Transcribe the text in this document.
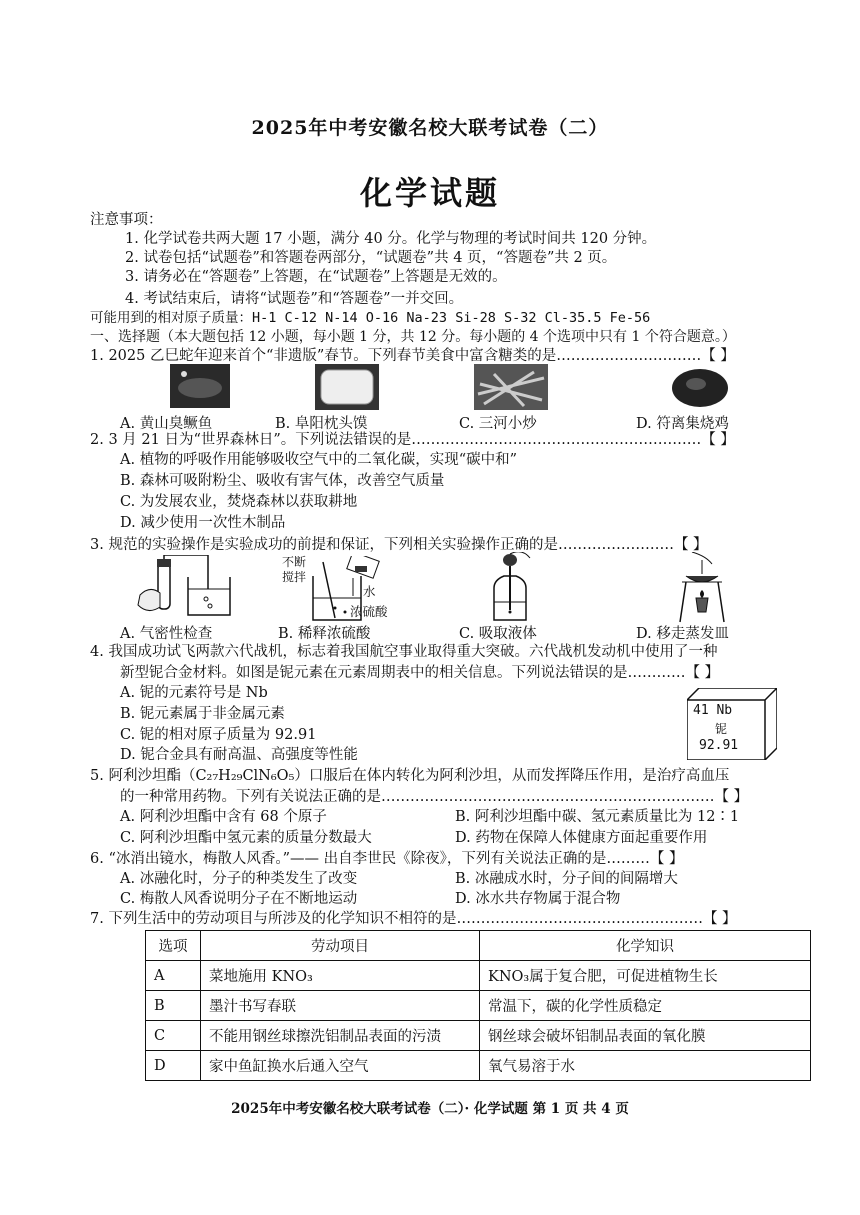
2025年中考安徽名校大联考试卷（二）
化学试题
注意事项：
1. 化学试卷共两大题 17 小题，满分 40 分。化学与物理的考试时间共 120 分钟。
2. 试卷包括“试题卷”和答题卷两部分，“试题卷”共 4 页，“答题卷”共 2 页。
3. 请务必在“答题卷”上答题，在“试题卷”上答题是无效的。
4. 考试结束后，请将“试题卷”和“答题卷”一并交回。
可能用到的相对原子质量：H-1 C-12 N-14 O-16 Na-23 Si-28 S-32 Cl-35.5 Fe-56
一、选择题（本大题包括 12 小题，每小题 1 分，共 12 分。每小题的 4 个选项中只有 1 个符合题意。）
1. 2025 乙巳蛇年迎来首个“非遗版”春节。下列春节美食中富含糖类的是…………………………【 】
A. 黄山臭鳜鱼	B. 阜阳枕头馍	C. 三河小炒	D. 符离集烧鸡
2. 3 月 21 日为“世界森林日”。下列说法错误的是……………………………………………………【 】
A. 植物的呼吸作用能够吸收空气中的二氧化碳，实现“碳中和”
B. 森林可吸附粉尘、吸收有害气体，改善空气质量
C. 为发展农业，焚烧森林以获取耕地
D. 减少使用一次性木制品
3. 规范的实验操作是实验成功的前提和保证，下列相关实验操作正确的是……………………【 】
不断
搅拌
水
浓硫酸
A. 气密性检查	B. 稀释浓硫酸	C. 吸取液体	D. 移走蒸发皿
4. 我国成功试飞两款六代战机，标志着我国航空事业取得重大突破。六代战机发动机中使用了一种
新型铌合金材料。如图是铌元素在元素周期表中的相关信息。下列说法错误的是…………【 】
A. 铌的元素符号是 Nb
B. 铌元素属于非金属元素
C. 铌的相对原子质量为 92.91
D. 铌合金具有耐高温、高强度等性能
41 Nb
铌
92.91
5. 阿利沙坦酯（C₂₇H₂₉ClN₆O₅）口服后在体内转化为阿利沙坦，从而发挥降压作用，是治疗高血压
的一种常用药物。下列有关说法正确的是……………………………………………………………【 】
A. 阿利沙坦酯中含有 68 个原子	B. 阿利沙坦酯中碳、氢元素质量比为 12∶1
C. 阿利沙坦酯中氢元素的质量分数最大	D. 药物在保障人体健康方面起重要作用
6. “冰消出镜水，梅散人风香。”—— 出自李世民《除夜》，下列有关说法正确的是………【 】
A. 冰融化时，分子的种类发生了改变	B. 冰融成水时，分子间的间隔增大
C. 梅散人风香说明分子在不断地运动	D. 冰水共存物属于混合物
7. 下列生活中的劳动项目与所涉及的化学知识不相符的是……………………………………………【 】
选项	劳动项目	化学知识
A	菜地施用 KNO₃	KNO₃属于复合肥，可促进植物生长
B	墨汁书写春联	常温下，碳的化学性质稳定
C	不能用钢丝球擦洗铝制品表面的污渍	钢丝球会破坏铝制品表面的氧化膜
D	家中鱼缸换水后通入空气	氧气易溶于水
2025年中考安徽名校大联考试卷（二）· 化学试题 第 1 页 共 4 页
